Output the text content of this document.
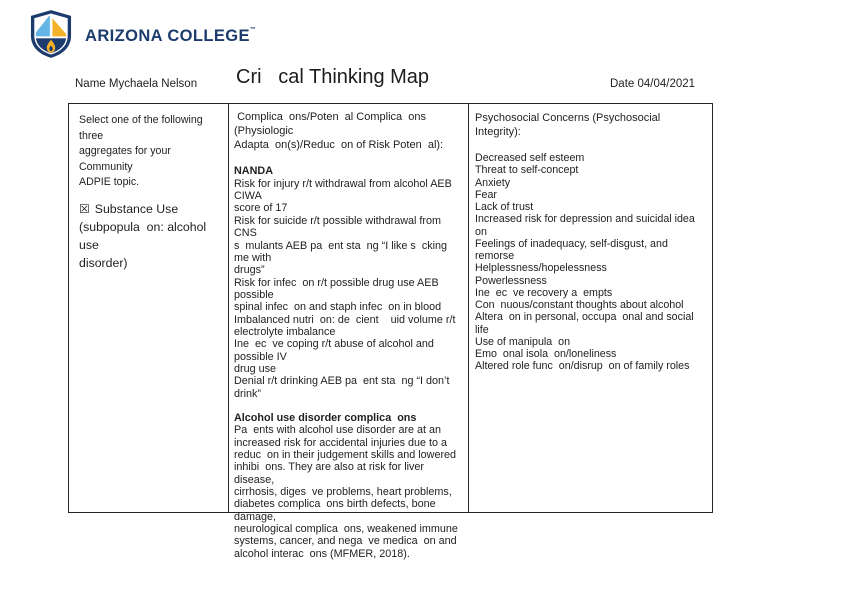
ARIZONA COLLEGE™
Name Mychaela Nelson Cri   cal Thinking Map	Date 04/04/2021
Select one of the following three
aggregates for your Community
ADPIE topic.
☒ Substance Use
(subpopula  on: alcohol use
disorder)
Complica  ons/Poten  al Complica  ons (Physiologic
Adapta  on(s)/Reduc  on of Risk Poten  al):
NANDA
Risk for injury r/t withdrawal from alcohol AEB CIWA
score of 17
Risk for suicide r/t possible withdrawal from CNS
s  mulants AEB pa  ent sta  ng “I like s  cking me with
drugs”
Risk for infec  on r/t possible drug use AEB possible
spinal infec  on and staph infec  on in blood
Imbalanced nutri  on: de  cient    uid volume r/t
electrolyte imbalance
Ine  ec  ve coping r/t abuse of alcohol and possible IV
drug use
Denial r/t drinking AEB pa  ent sta  ng “I don’t drink”
Alcohol use disorder complica  ons
Pa  ents with alcohol use disorder are at an
increased risk for accidental injuries due to a
reduc  on in their judgement skills and lowered
inhibi  ons. They are also at risk for liver disease,
cirrhosis, diges  ve problems, heart problems,
diabetes complica  ons birth defects, bone damage,
neurological complica  ons, weakened immune
systems, cancer, and nega  ve medica  on and
alcohol interac  ons (MFMER, 2018).
Psychosocial Concerns (Psychosocial Integrity):
Decreased self esteem
Threat to self-concept
Anxiety
Fear
Lack of trust
Increased risk for depression and suicidal idea  on
Feelings of inadequacy, self-disgust, and remorse
Helplessness/hopelessness
Powerlessness
Ine  ec  ve recovery a  empts
Con  nuous/constant thoughts about alcohol
Altera  on in personal, occupa  onal and social life
Use of manipula  on
Emo  onal isola  on/loneliness
Altered role func  on/disrup  on of family roles
